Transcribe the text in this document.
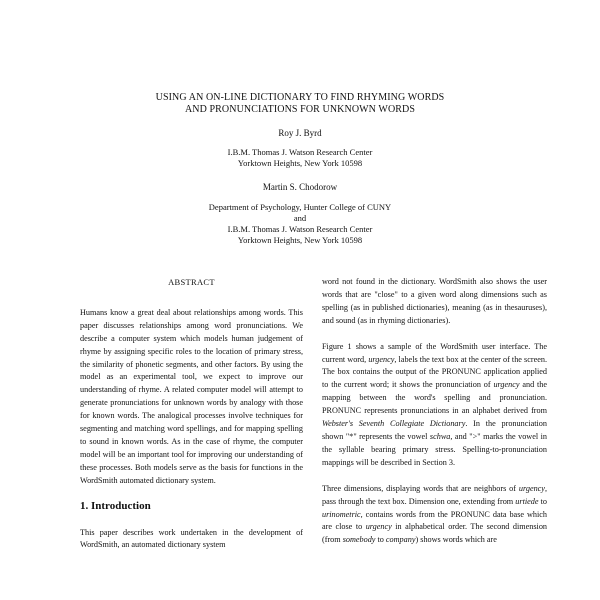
USING AN ON-LINE DICTIONARY TO FIND RHYMING WORDS
AND PRONUNCIATIONS FOR UNKNOWN WORDS
Roy J. Byrd
I.B.M. Thomas J. Watson Research Center
Yorktown Heights, New York 10598
Martin S. Chodorow
Department of Psychology, Hunter College of CUNY
and
I.B.M. Thomas J. Watson Research Center
Yorktown Heights, New York 10598
ABSTRACT

Humans know a great deal about relationships among words. This paper discusses relationships among word pronunciations. We describe a computer system which models human judgement of rhyme by assigning specific roles to the location of primary stress, the similarity of phonetic segments, and other factors. By using the model as an experimental tool, we expect to improve our understanding of rhyme. A related computer model will attempt to generate pronunciations for unknown words by analogy with those for known words. The analogical processes involve techniques for segmenting and matching word spellings, and for mapping spelling to sound in known words. As in the case of rhyme, the computer model will be an important tool for improving our understanding of these processes. Both models serve as the basis for functions in the WordSmith automated dictionary system.

1. Introduction

This paper describes work undertaken in the development of WordSmith, an automated dictionary system

word not found in the dictionary. WordSmith also shows the user words that are "close" to a given word along dimensions such as spelling (as in published dictionaries), meaning (as in thesauruses), and sound (as in rhyming dictionaries).

Figure 1 shows a sample of the WordSmith user interface. The current word, urgency, labels the text box at the center of the screen. The box contains the output of the PRONUNC application applied to the current word; it shows the pronunciation of urgency and the mapping between the word's spelling and pronunciation. PRONUNC represents pronunciations in an alphabet derived from Webster's Seventh Collegiate Dictionary. In the pronunciation shown "*" represents the vowel schwa, and ">" marks the vowel in the syllable bearing primary stress. Spelling-to-pronunciation mappings will be described in Section 3.

Three dimensions, displaying words that are neighbors of urgency, pass through the text box. Dimension one, extending from urtiede to urinometric, contains words from the PRONUNC data base which are close to urgency in alphabetical order. The second dimension (from somebody to company) shows words which are
